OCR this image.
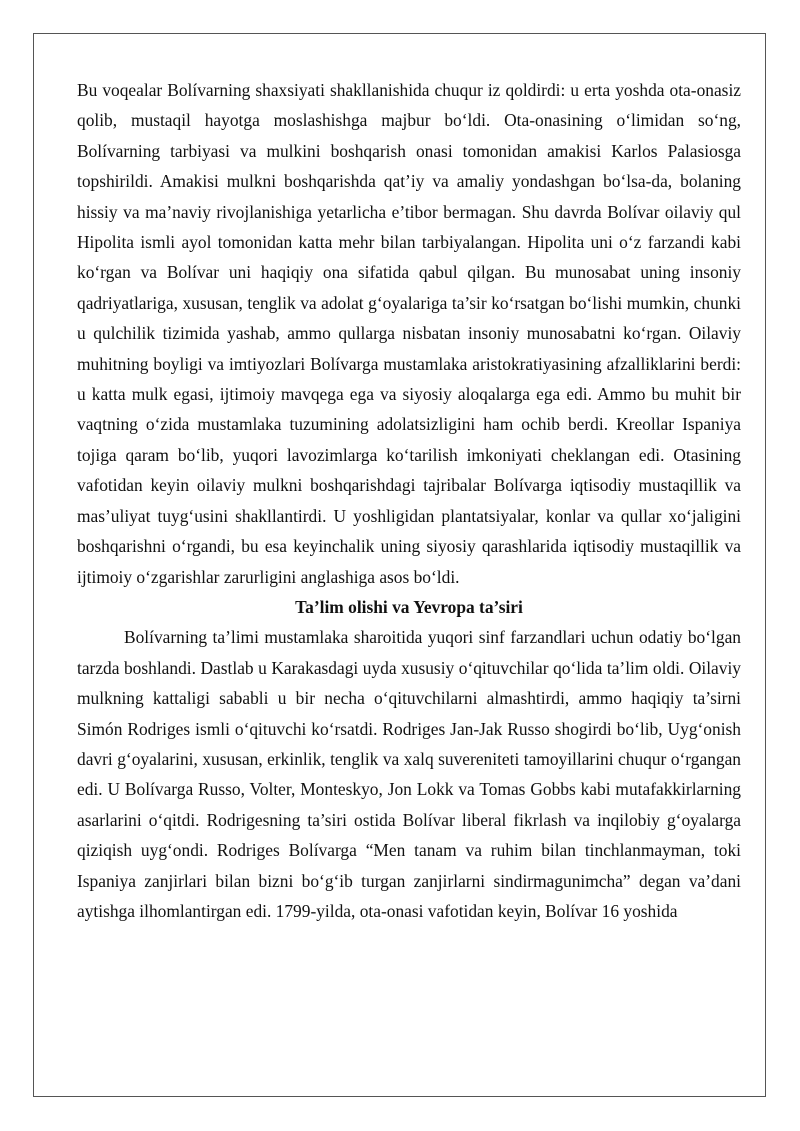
Bu voqealar Bolívarning shaxsiyati shakllanishida chuqur iz qoldirdi: u erta yoshda ota-onasiz qolib, mustaqil hayotga moslashishga majbur bo‘ldi. Ota-onasining o‘limidan so‘ng, Bolívarning tarbiyasi va mulkini boshqarish onasi tomonidan amakisi Karlos Palasiosga topshirildi. Amakisi mulkni boshqarishda qat’iy va amaliy yondashgan bo‘lsa-da, bolaning hissiy va ma’naviy rivojlanishiga yetarlicha e’tibor bermagan. Shu davrda Bolívar oilaviy qul Hipolita ismli ayol tomonidan katta mehr bilan tarbiyalangan. Hipolita uni o‘z farzandi kabi ko‘rgan va Bolívar uni haqiqiy ona sifatida qabul qilgan. Bu munosabat uning insoniy qadriyatlariga, xususan, tenglik va adolat g‘oyalariga ta’sir ko‘rsatgan bo‘lishi mumkin, chunki u qulchilik tizimida yashab, ammo qullarga nisbatan insoniy munosabatni ko‘rgan. Oilaviy muhitning boyligi va imtiyozlari Bolívarga mustamlaka aristokratiyasining afzalliklarini berdi: u katta mulk egasi, ijtimoiy mavqega ega va siyosiy aloqalarga ega edi. Ammo bu muhit bir vaqtning o‘zida mustamlaka tuzumining adolatsizligini ham ochib berdi. Kreollar Ispaniya tojiga qaram bo‘lib, yuqori lavozimlarga ko‘tarilish imkoniyati cheklangan edi. Otasining vafotidan keyin oilaviy mulkni boshqarishdagi tajribalar Bolívarga iqtisodiy mustaqillik va mas’uliyat tuyg‘usini shakllantirdi. U yoshligidan plantatsiyalar, konlar va qullar xo‘jaligini boshqarishni o‘rgandi, bu esa keyinchalik uning siyosiy qarashlarida iqtisodiy mustaqillik va ijtimoiy o‘zgarishlar zarurligini anglashiga asos bo‘ldi.

Ta’lim olishi va Yevropa ta’siri

Bolívarning ta’limi mustamlaka sharoitida yuqori sinf farzandlari uchun odatiy bo‘lgan tarzda boshlandi. Dastlab u Karakasdagi uyda xususiy o‘qituvchilar qo‘lida ta’lim oldi. Oilaviy mulkning kattaligi sababli u bir necha o‘qituvchilarni almashtirdi, ammo haqiqiy ta’sirni Simón Rodriges ismli o‘qituvchi ko‘rsatdi. Rodriges Jan-Jak Russo shogirdi bo‘lib, Uyg‘onish davri g‘oyalarini, xususan, erkinlik, tenglik va xalq suvereniteti tamoyillarini chuqur o‘rgangan edi. U Bolívarga Russo, Volter, Monteskyo, Jon Lokk va Tomas Gobbs kabi mutafakkirlarning asarlarini o‘qitdi. Rodrigesning ta’siri ostida Bolívar liberal fikrlash va inqilobiy g‘oyalarga qiziqish uyg‘ondi. Rodriges Bolívarga “Men tanam va ruhim bilan tinchlanmayman, toki Ispaniya zanjirlari bilan bizni bo‘g‘ib turgan zanjirlarni sindirmagunimcha” degan va’dani aytishga ilhomlantirgan edi. 1799-yilda, ota-onasi vafotidan keyin, Bolívar 16 yoshida
